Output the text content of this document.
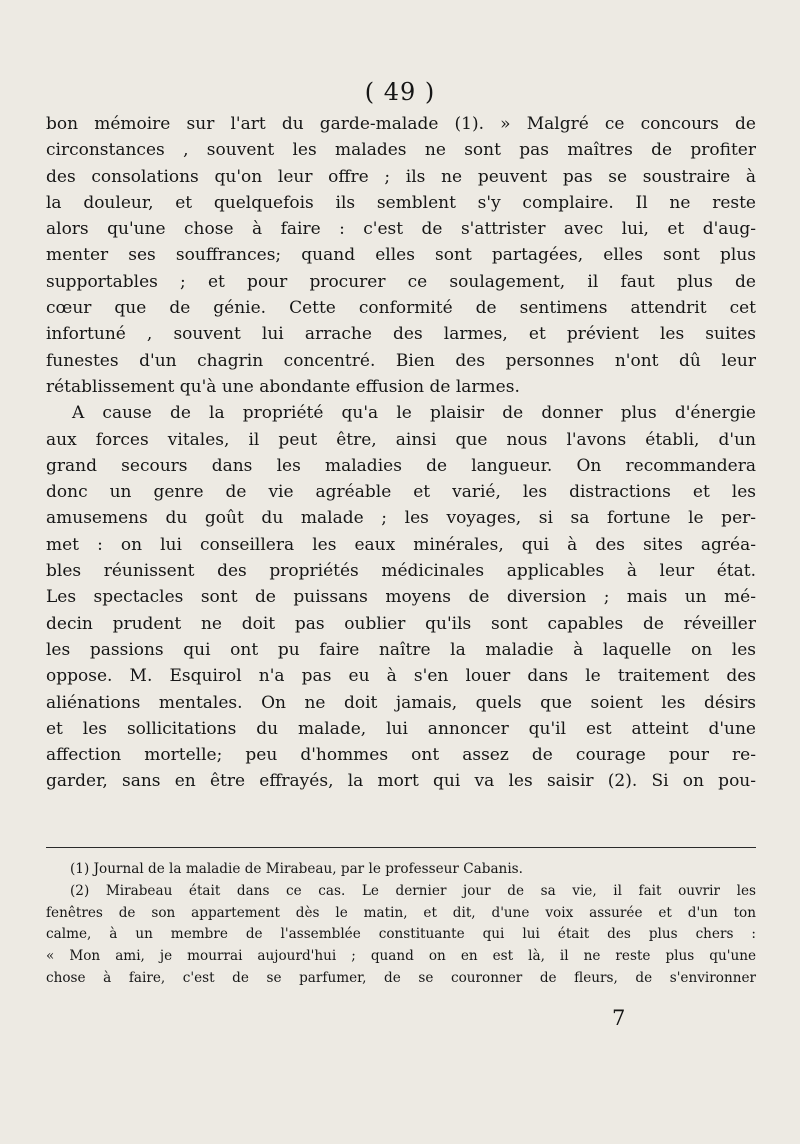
( 49 )
bon mémoire sur l'art du garde-malade (1). » Malgré ce concours de
circonstances , souvent les malades ne sont pas maîtres de profiter
des consolations qu'on leur offre ; ils ne peuvent pas se soustraire à
la douleur, et quelquefois ils semblent s'y complaire. Il ne reste
alors qu'une chose à faire : c'est de s'attrister avec lui, et d'aug-
menter ses souffrances; quand elles sont partagées, elles sont plus
supportables ; et pour procurer ce soulagement, il faut plus de
cœur que de génie. Cette conformité de sentimens attendrit cet
infortuné , souvent lui arrache des larmes, et prévient les suites
funestes d'un chagrin concentré. Bien des personnes n'ont dû leur
rétablissement qu'à une abondante effusion de larmes.
A cause de la propriété qu'a le plaisir de donner plus d'énergie
aux forces vitales, il peut être, ainsi que nous l'avons établi, d'un
grand secours dans les maladies de langueur. On recommandera
donc un genre de vie agréable et varié, les distractions et les
amusemens du goût du malade ; les voyages, si sa fortune le per-
met : on lui conseillera les eaux minérales, qui à des sites agréa-
bles réunissent des propriétés médicinales applicables à leur état.
Les spectacles sont de puissans moyens de diversion ; mais un mé-
decin prudent ne doit pas oublier qu'ils sont capables de réveiller
les passions qui ont pu faire naître la maladie à laquelle on les
oppose. M. Esquirol n'a pas eu à s'en louer dans le traitement des
aliénations mentales. On ne doit jamais, quels que soient les désirs
et les sollicitations du malade, lui annoncer qu'il est atteint d'une
affection mortelle; peu d'hommes ont assez de courage pour re-
garder, sans en être effrayés, la mort qui va les saisir (2). Si on pou-
(1) Journal de la maladie de Mirabeau, par le professeur Cabanis.
(2) Mirabeau était dans ce cas. Le dernier jour de sa vie, il fait ouvrir les
fenêtres de son appartement dès le matin, et dit, d'une voix assurée et d'un ton
calme, à un membre de l'assemblée constituante qui lui était des plus chers :
« Mon ami, je mourrai aujourd'hui ; quand on en est là, il ne reste plus qu'une
chose à faire, c'est de se parfumer, de se couronner de fleurs, de s'environner
7
